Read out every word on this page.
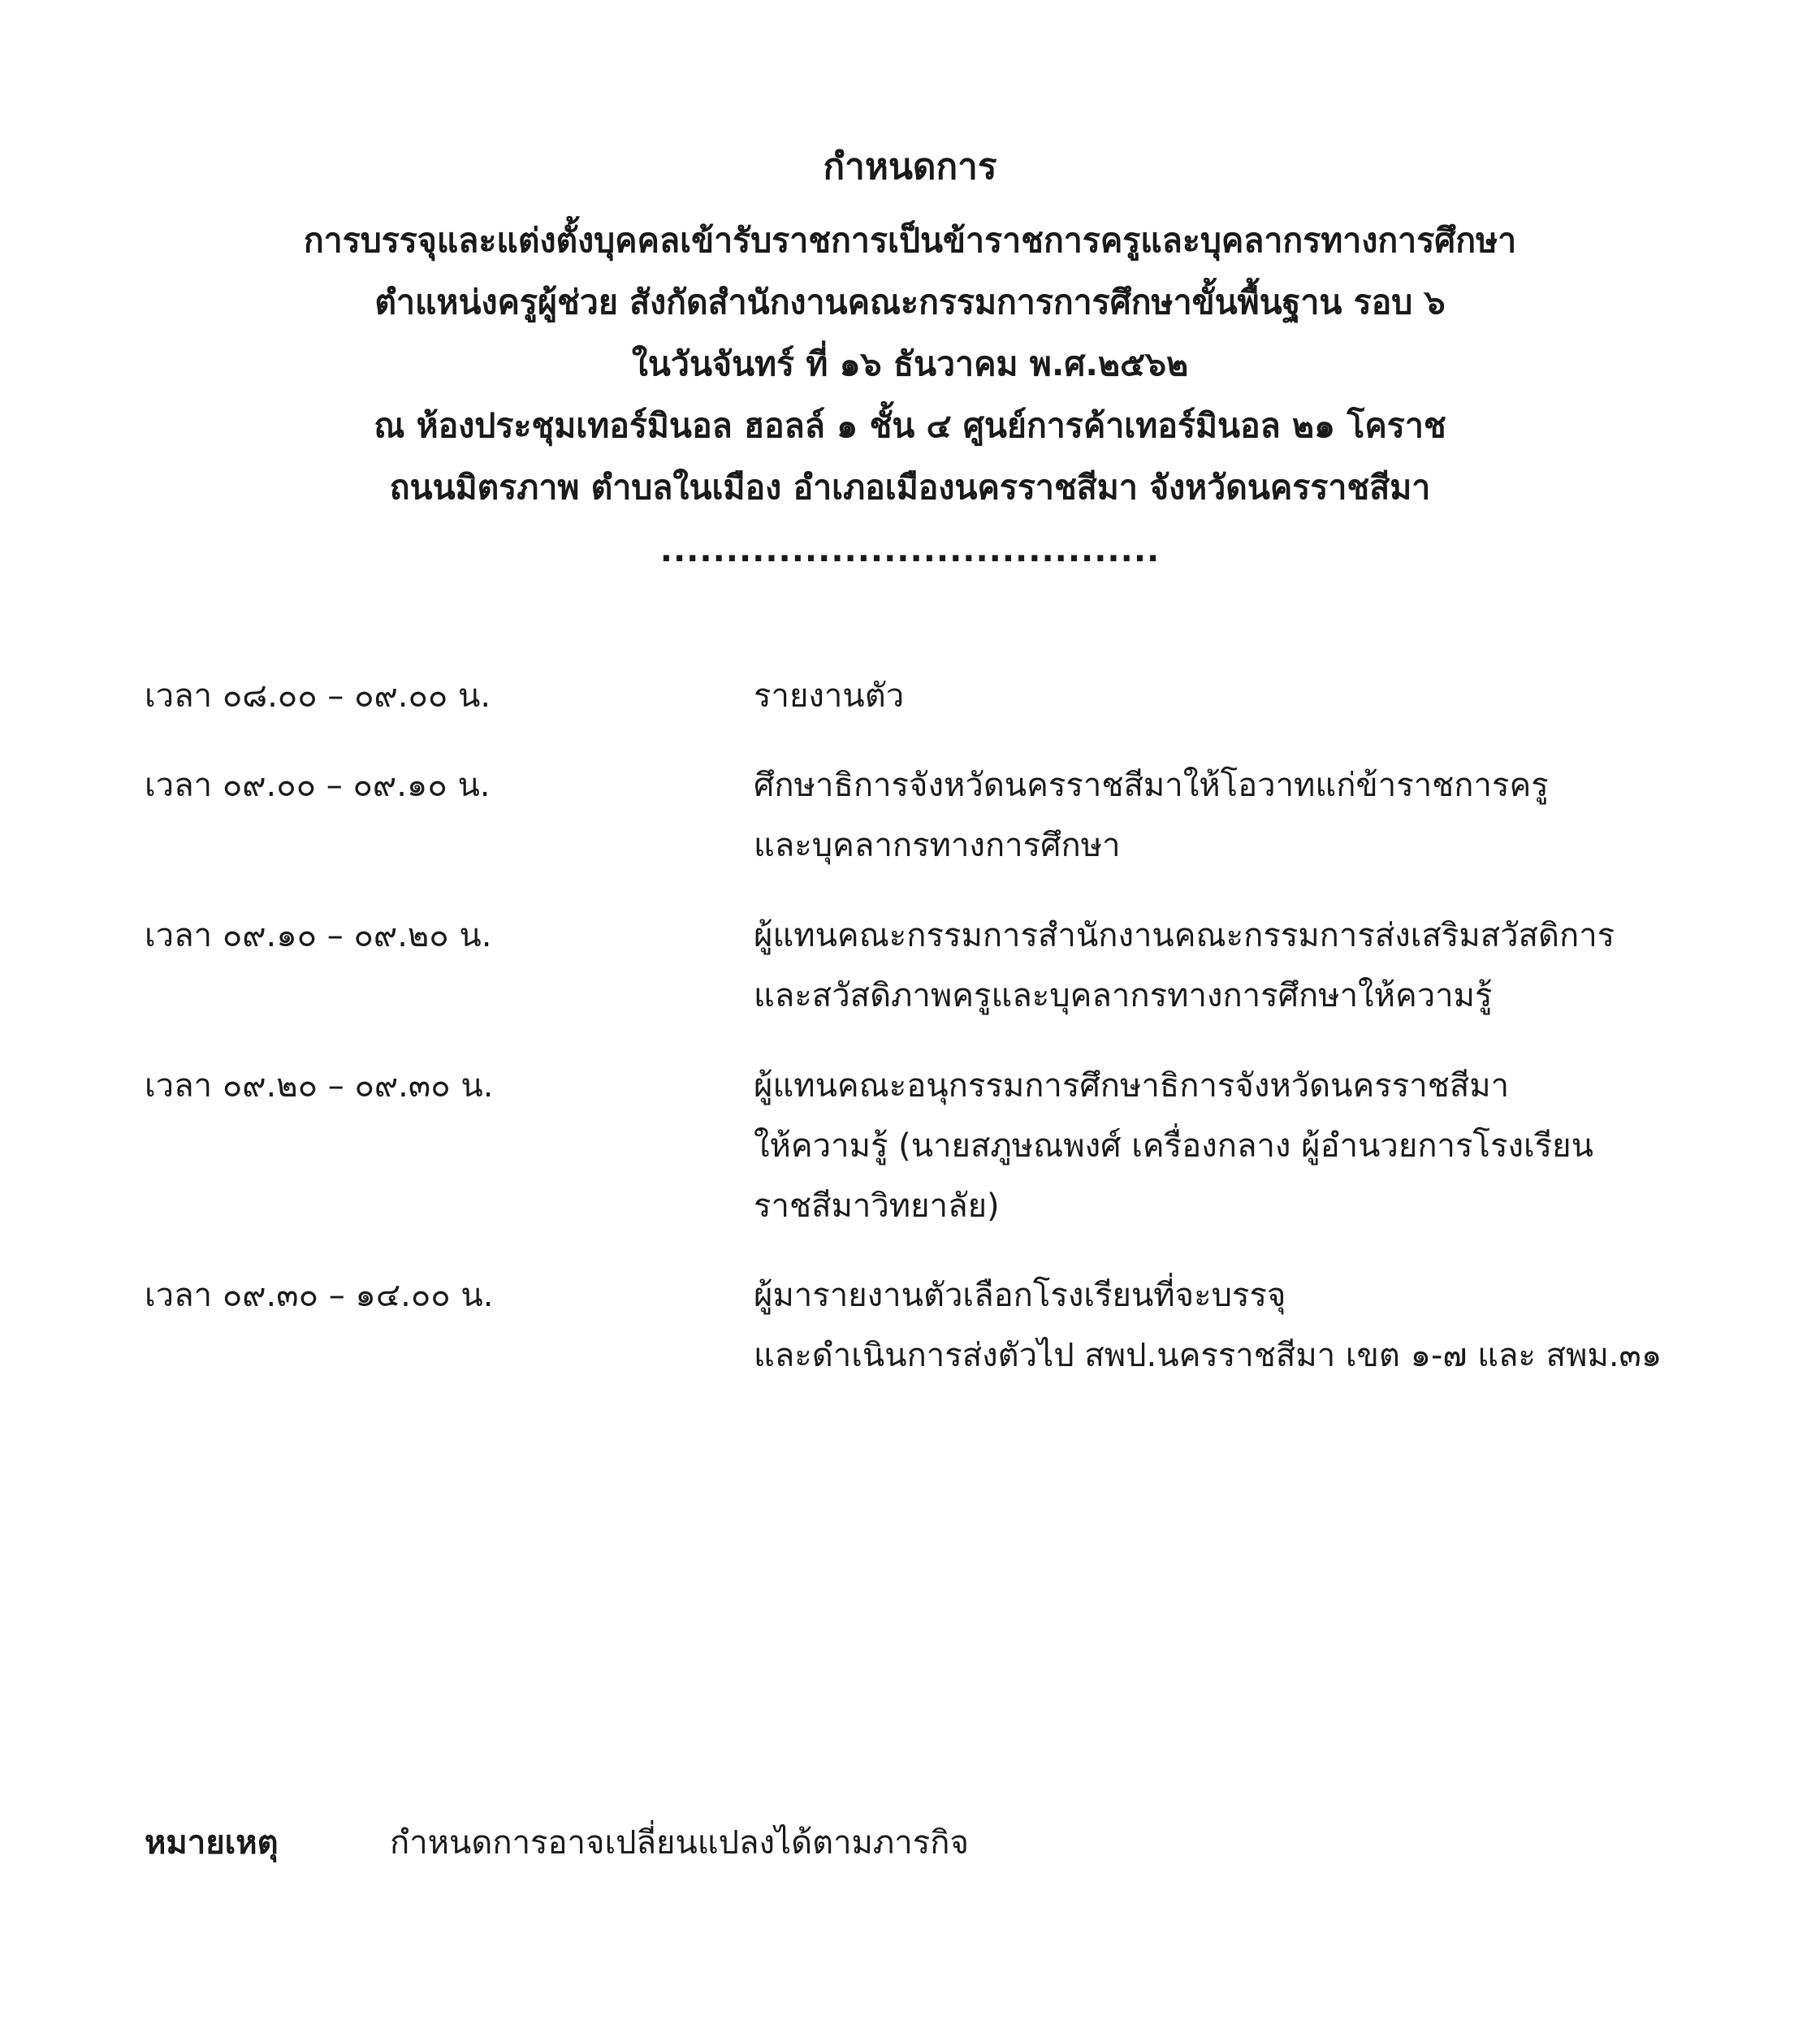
กำหนดการ
การบรรจุและแต่งตั้งบุคคลเข้ารับราชการเป็นข้าราชการครูและบุคลากรทางการศึกษา
ตำแหน่งครูผู้ช่วย สังกัดสำนักงานคณะกรรมการการศึกษาขั้นพื้นฐาน รอบ ๖
ในวันจันทร์ ที่ ๑๖ ธันวาคม พ.ศ.๒๕๖๒
ณ ห้องประชุมเทอร์มินอล ฮอลล์ ๑ ชั้น ๔ ศูนย์การค้าเทอร์มินอล ๒๑ โคราช
ถนนมิตรภาพ ตำบลในเมือง อำเภอเมืองนครราชสีมา จังหวัดนครราชสีมา
......................................
เวลา ๐๘.๐๐ – ๐๙.๐๐ น.	รายงานตัว
เวลา ๐๙.๐๐ – ๐๙.๑๐ น.	ศึกษาธิการจังหวัดนครราชสีมาให้โอวาทแก่ข้าราชการครู
และบุคลากรทางการศึกษา
เวลา ๐๙.๑๐ – ๐๙.๒๐ น.	ผู้แทนคณะกรรมการสำนักงานคณะกรรมการส่งเสริมสวัสดิการ
และสวัสดิภาพครูและบุคลากรทางการศึกษาให้ความรู้
เวลา ๐๙.๒๐ – ๐๙.๓๐ น.	ผู้แทนคณะอนุกรรมการศึกษาธิการจังหวัดนครราชสีมา
ให้ความรู้ (นายสภูษณพงศ์ เครื่องกลาง ผู้อำนวยการโรงเรียน
ราชสีมาวิทยาลัย)
เวลา ๐๙.๓๐ – ๑๔.๐๐ น.	ผู้มารายงานตัวเลือกโรงเรียนที่จะบรรจุ
และดำเนินการส่งตัวไป สพป.นครราชสีมา เขต ๑-๗ และ สพม.๓๑
หมายเหตุ	กำหนดการอาจเปลี่ยนแปลงได้ตามภารกิจ
